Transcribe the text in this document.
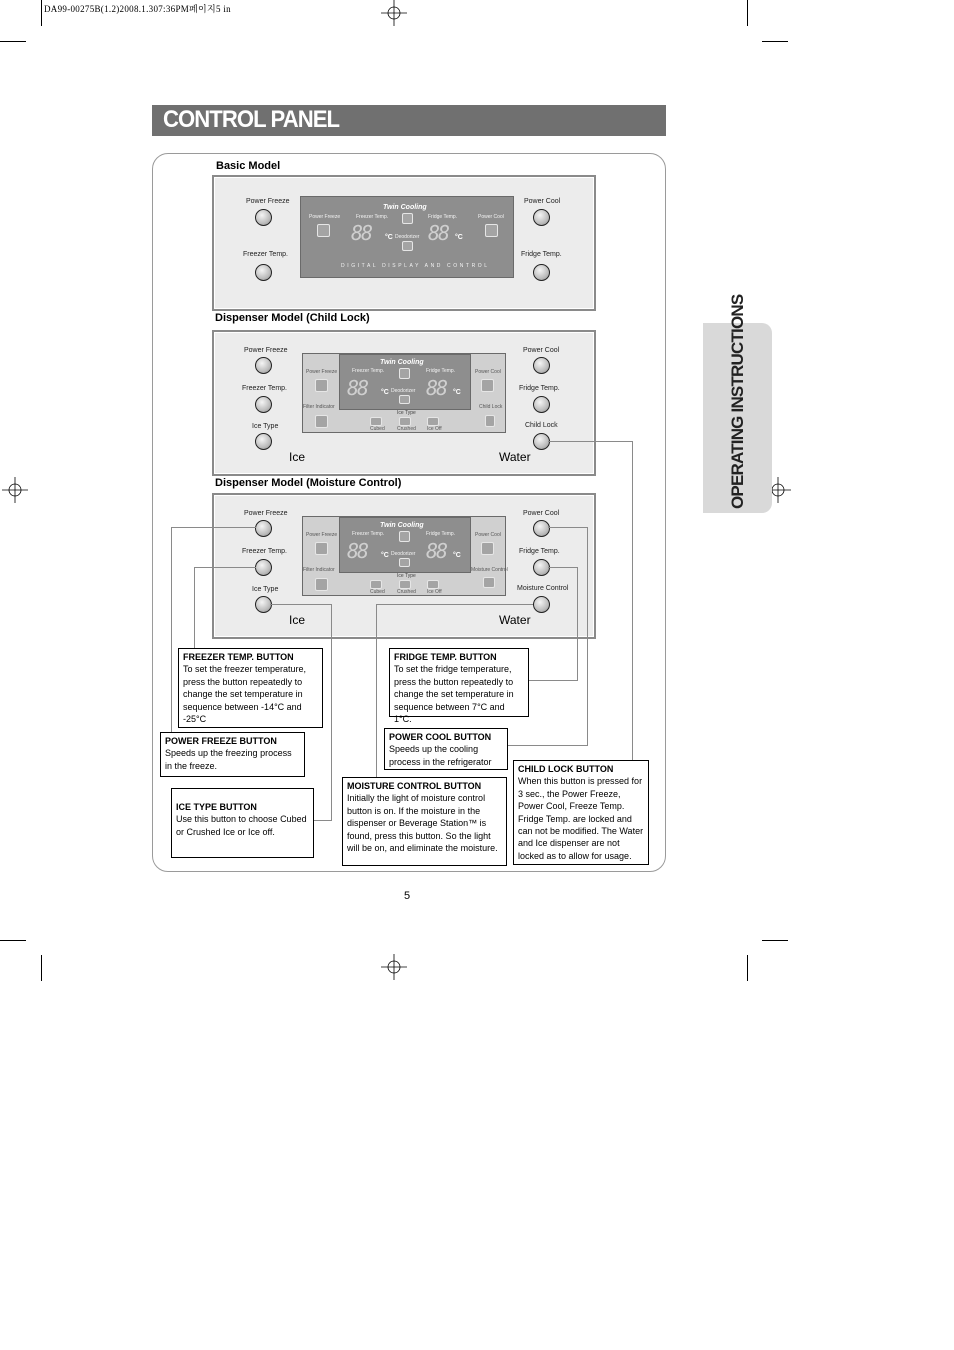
DA99-00275B(1.2)2008.1.307:36PM페이지5 in
CONTROL PANEL
OPERATING INSTRUCTIONS
Basic Model
Power Freeze
Freezer Temp.
Power Cool
Fridge Temp.
Twin Cooling
Power Freeze	Freezer Temp.
88 °C Deodorizer
Fridge Temp.
88 °C
Power Cool
DIGITAL DISPLAY AND CONTROL
Dispenser Model (Child Lock)
Power Freeze
Freezer Temp.
Ice Type
Ice
Power Cool
Fridge Temp.
Child Lock
Water
Twin Cooling
Power Freeze
Filter Indicator
Freezer Temp.
88 °C Deodorizer
Fridge Temp.
88 °C
Power Cool
Ice Type
Cubed Crushed Ice Off
Child Lock
Dispenser Model (Moisture Control)
Power Freeze
Freezer Temp.
Ice Type
Ice
Power Cool
Fridge Temp.
Moisture Control
Water
Twin Cooling
Power Freeze
Filter Indicator
Freezer Temp.
88 °C Deodorizer
Fridge Temp.
88 °C
Power Cool
Ice Type
Cubed Crushed Ice Off
Moisture Control
FREEZER TEMP. BUTTON
To set the freezer temperature, press the button repeatedly to change the set temperature in sequence between -14°C and -25°C
FRIDGE TEMP. BUTTON
To set the fridge temperature, press the button repeatedly to change the set temperature in sequence between 7°C and 1°C.
POWER FREEZE BUTTON
Speeds up the freezing process in the freeze.
POWER COOL BUTTON
Speeds up the cooling process in the refrigerator
CHILD LOCK BUTTON
When this button is pressed for 3 sec., the Power Freeze, Power Cool, Freeze Temp. Fridge Temp. are locked and can not be modified. The Water and Ice dispenser are not locked as to allow for usage.
ICE TYPE BUTTON
Use this button to choose Cubed or Crushed Ice or Ice off.
MOISTURE CONTROL BUTTON
Initially the light of moisture control button is on. If the moisture in the dispenser or Beverage Station™ is found, press this button. So the light will be on, and eliminate the moisture.
5
